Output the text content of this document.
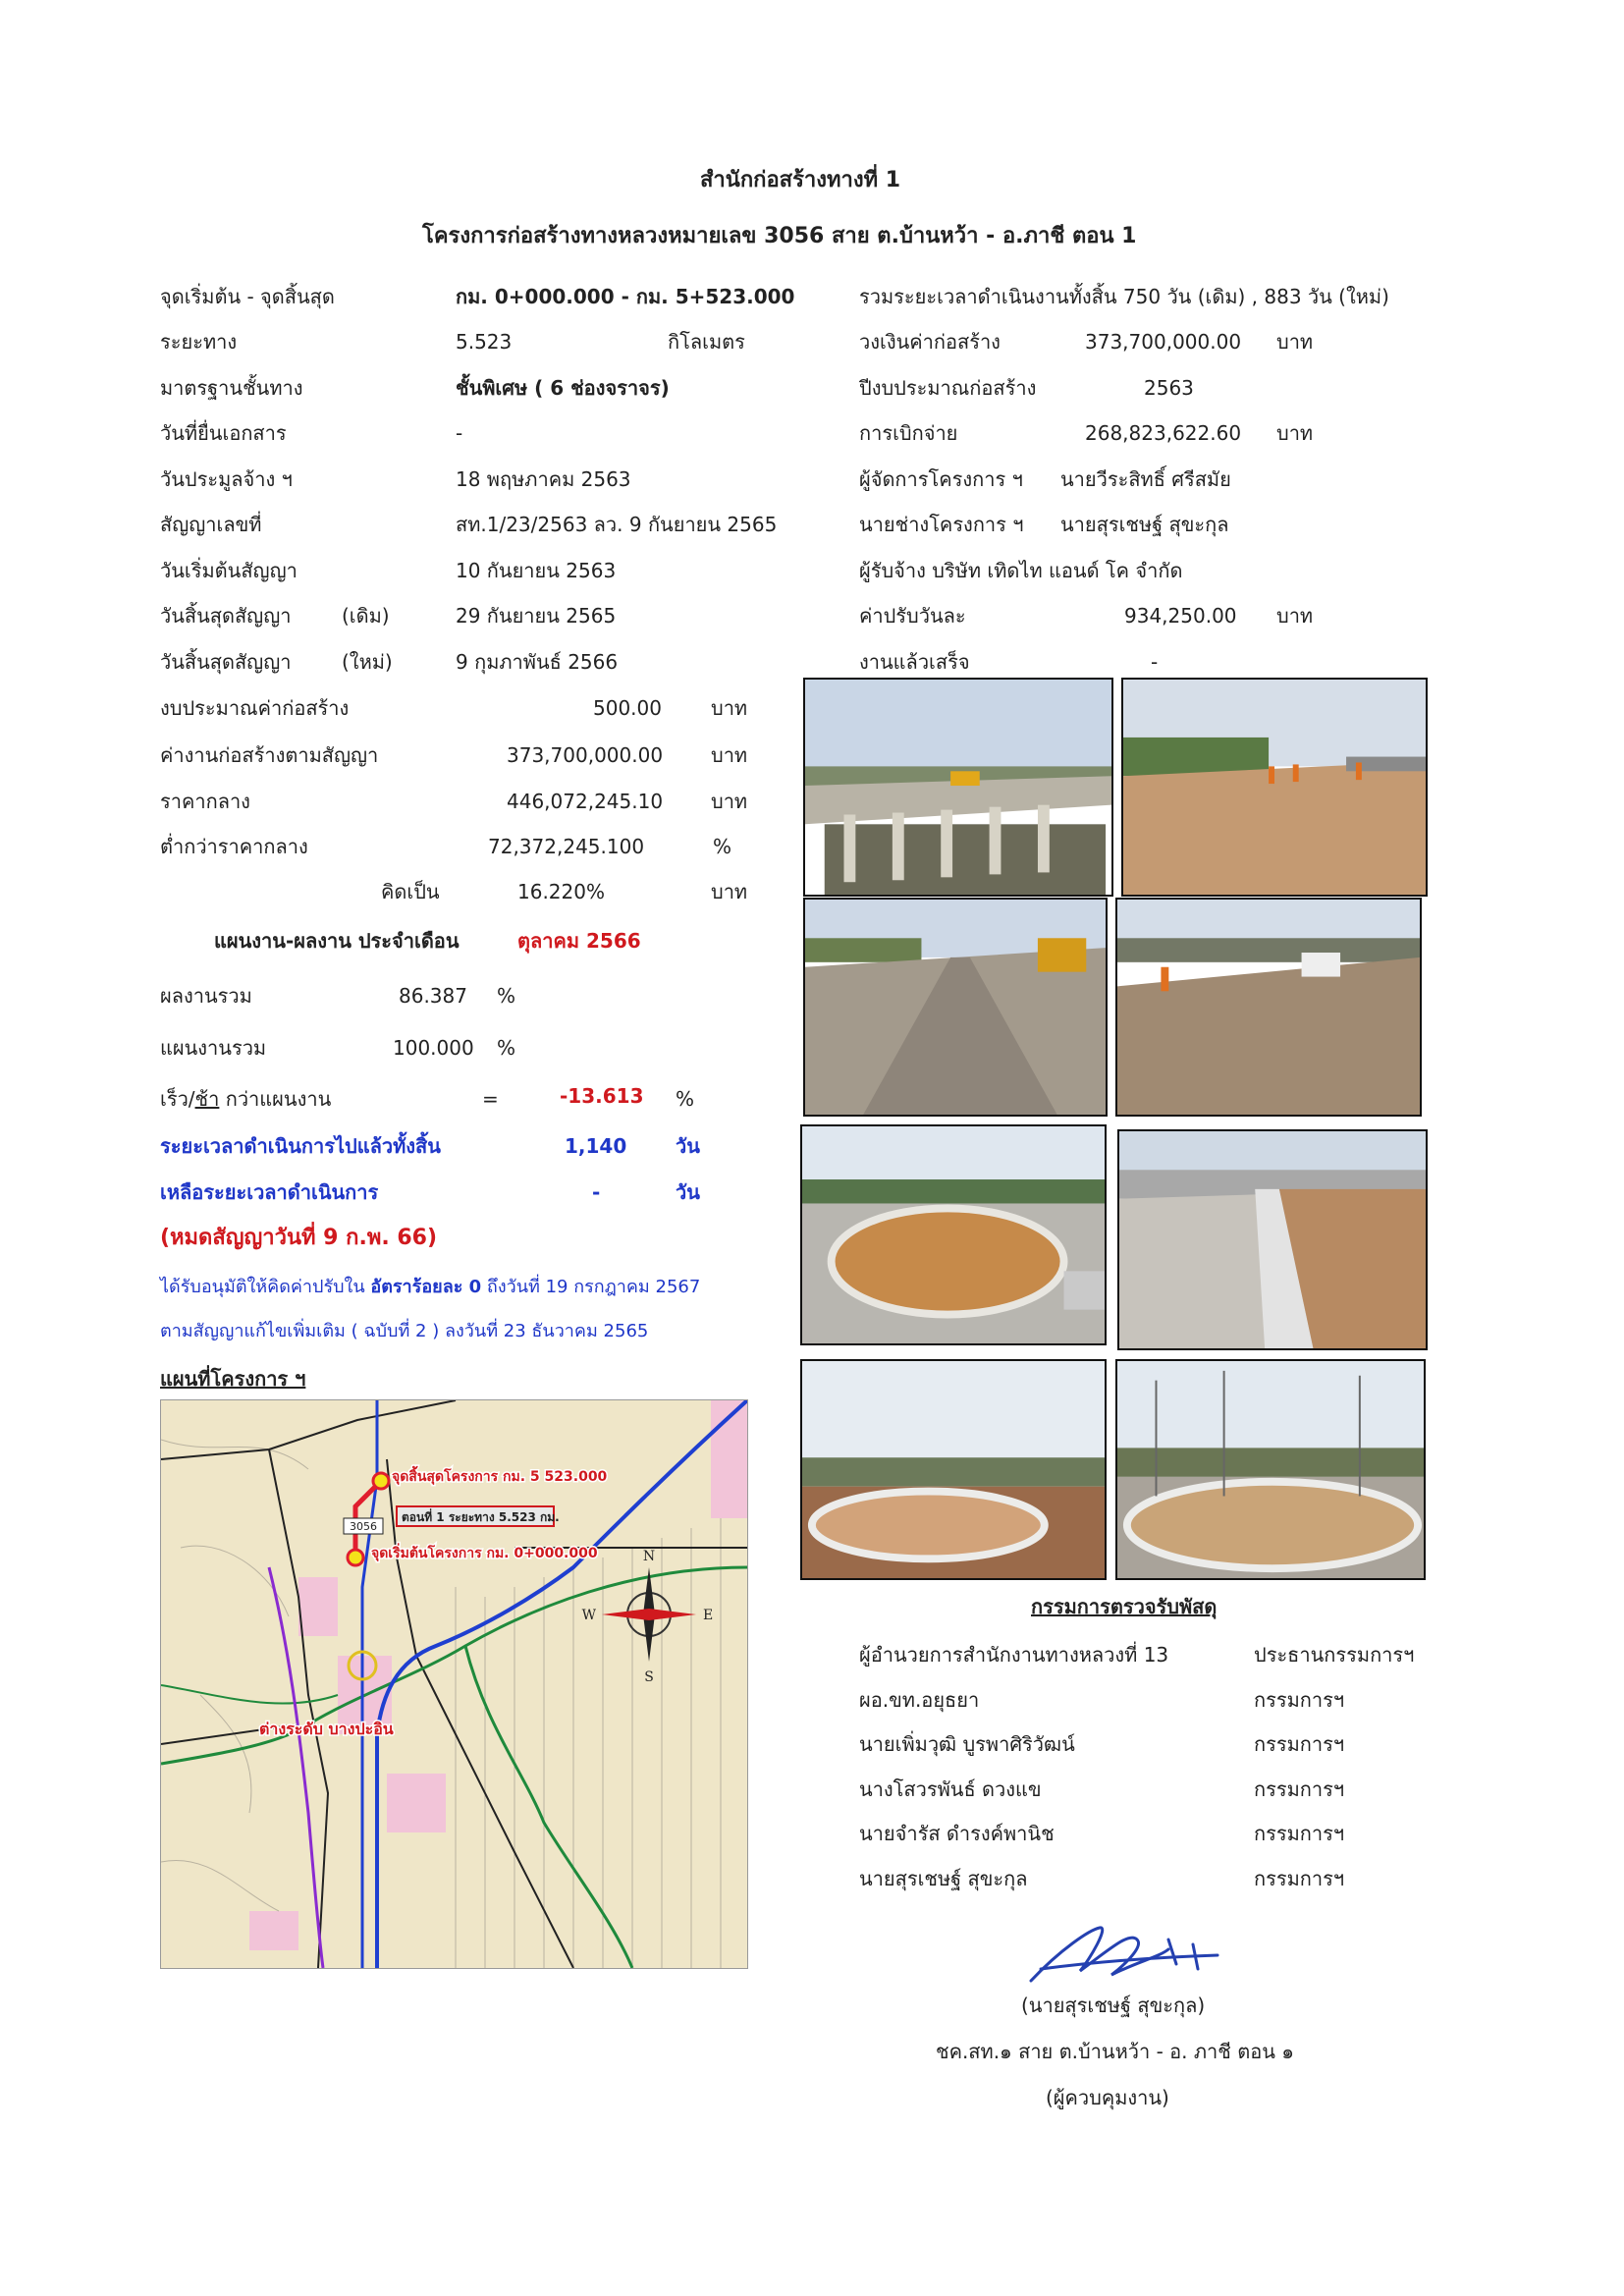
สำนักก่อสร้างทางที่ 1
โครงการก่อสร้างทางหลวงหมายเลข 3056 สาย ต.บ้านหว้า - อ.ภาชี ตอน 1
จุดเริ่มต้น - จุดสิ้นสุด	กม. 0+000.000 - กม. 5+523.000
ระยะทาง	5.523	กิโลเมตร
มาตรฐานชั้นทาง	ชั้นพิเศษ ( 6 ช่องจราจร)
วันที่ยื่นเอกสาร	-
วันประมูลจ้าง ฯ	18 พฤษภาคม 2563
สัญญาเลขที่	สท.1/23/2563 ลว. 9 กันยายน 2565
วันเริ่มต้นสัญญา	10 กันยายน 2563
วันสิ้นสุดสัญญา	(เดิม)	29 กันยายน 2565
วันสิ้นสุดสัญญา	(ใหม่)	9 กุมภาพันธ์ 2566
รวมระยะเวลาดำเนินงานทั้งสิ้น 750 วัน (เดิม) , 883 วัน (ใหม่)
วงเงินค่าก่อสร้าง	373,700,000.00 บาท
ปีงบประมาณก่อสร้าง	2563
การเบิกจ่าย	268,823,622.60 บาท
ผู้จัดการโครงการ ฯ นายวีระสิทธิ์ ศรีสมัย
นายช่างโครงการ ฯ นายสุรเชษฐ์ สุขะกุล
ผู้รับจ้าง บริษัท เทิดไท แอนด์ โค จำกัด
ค่าปรับวันละ	934,250.00 บาท
งานแล้วเสร็จ	-
งบประมาณค่าก่อสร้าง	500.00	บาท
ค่างานก่อสร้างตามสัญญา	373,700,000.00 บาท
ราคากลาง	446,072,245.10 บาท
ต่ำกว่าราคากลาง	72,372,245.100	%
คิดเป็น	16.220%	บาท
แผนงาน-ผลงาน ประจำเดือน	ตุลาคม 2566
ผลงานรวม	86.387 %
แผนงานรวม	100.000 %
เร็ว/ช้า กว่าแผนงาน	=	-13.613 %
ระยะเวลาดำเนินการไปแล้วทั้งสิ้น	1,140 วัน
เหลือระยะเวลาดำเนินการ	-	วัน
(หมดสัญญาวันที่ 9 ก.พ. 66)
ได้รับอนุมัติให้คิดค่าปรับใน อัตราร้อยละ 0 ถึงวันที่ 19 กรกฎาคม 2567
ตามสัญญาแก้ไขเพิ่มเติม ( ฉบับที่ 2 ) ลงวันที่ 23 ธันวาคม 2565
แผนที่โครงการ ฯ
3056
จุดสิ้นสุดโครงการ กม. 5 523.000
ตอนที่ 1 ระยะทาง 5.523 กม.
จุดเริ่มต้นโครงการ กม. 0+000.000
ต่างระดับ บางปะอิน
N
S
W	E	กรรมการตรวจรับพัสดุ
ผู้อำนวยการสำนักงานทางหลวงที่ 13	ประธานกรรมการฯ
ผอ.ขท.อยุธยา	กรรมการฯ
นายเพิ่มวุฒิ บูรพาศิริวัฒน์	กรรมการฯ
นางโสวรพันธ์ ดวงแข	กรรมการฯ
นายจำรัส ดำรงค์พานิช	กรรมการฯ
นายสุรเชษฐ์ สุขะกุล	กรรมการฯ
(นายสุรเชษฐ์ สุขะกุล)
ชค.สท.๑ สาย ต.บ้านหว้า - อ. ภาชี ตอน ๑
(ผู้ควบคุมงาน)
